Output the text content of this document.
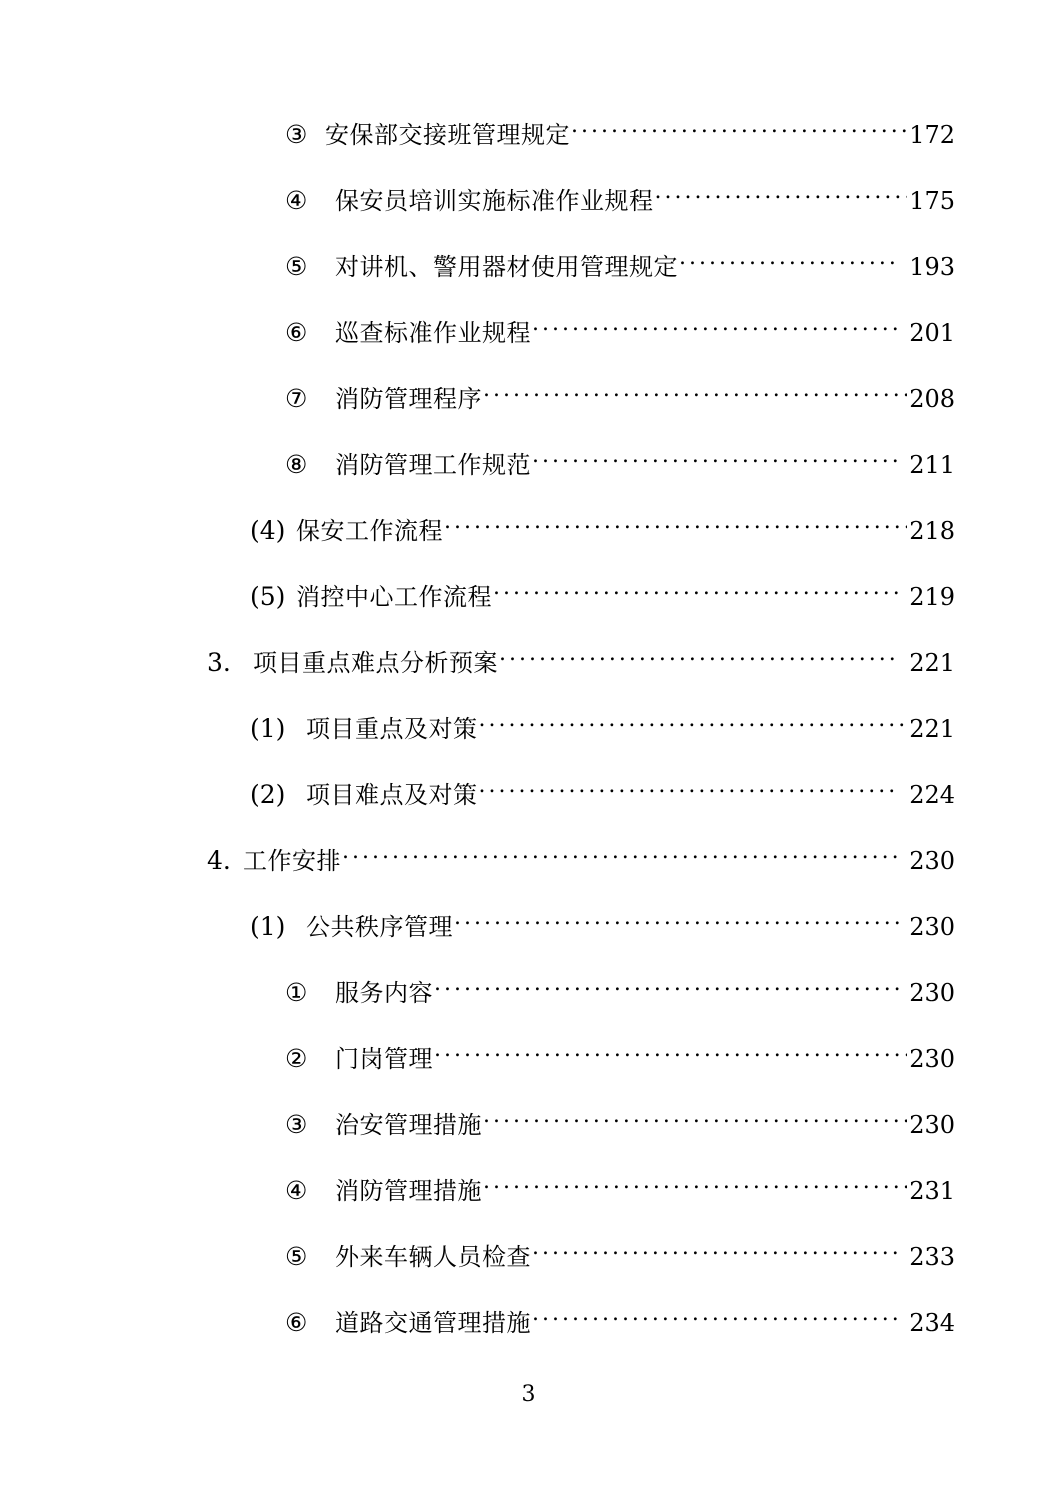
③ 安保部交接班管理规定 .....	172
④	保安员培训实施标准作业规程 .....	175
⑤	对讲机、警用器材使用管理规定 .....	193
⑥	巡查标准作业规程 .....	201
⑦	消防管理程序 .....	208
⑧	消防管理工作规范 .....	211
(4) 保安工作流程 .....	218
(5) 消控中心工作流程 .....	219
3. 项目重点难点分析预案 .....	221
(1) 项目重点及对策 .....	221
(2) 项目难点及对策 .....	224
4. 工作安排 .....	230
(1) 公共秩序管理 .....	230
①	服务内容 .....	230
②	门岗管理 .....	230
③	治安管理措施 .....	230
④	消防管理措施 .....	231
⑤	外来车辆人员检查 .....	233
⑥	道路交通管理措施 .....	234
3
